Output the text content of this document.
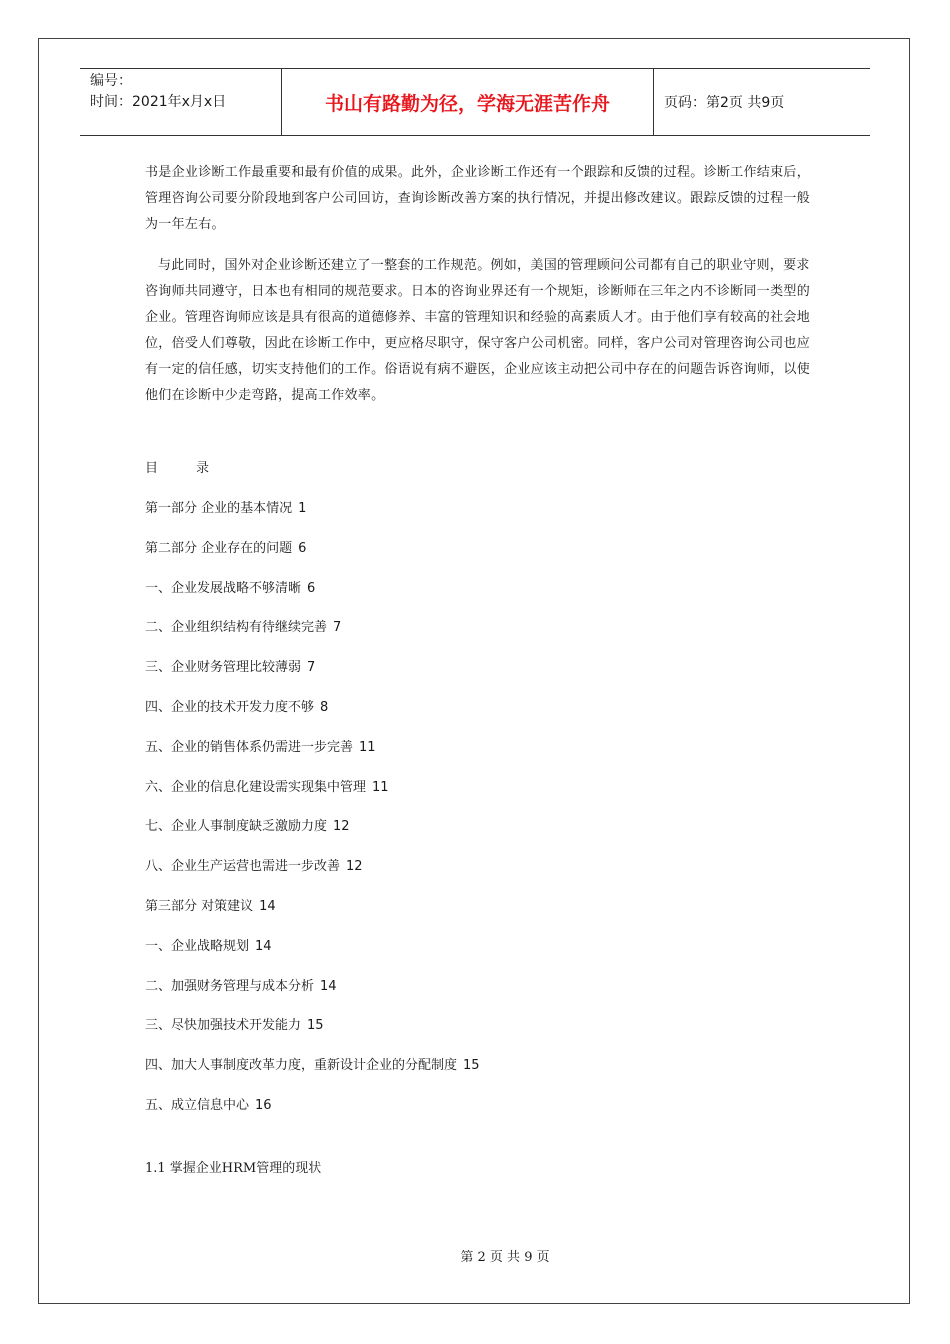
编号：
时间：2021年x月x日	书山有路勤为径，学海无涯苦作舟	页码：第2页 共9页

书是企业诊断工作最重要和最有价值的成果。此外，企业诊断工作还有一个跟踪和反馈的过程。诊断工作结束后，管理咨询公司要分阶段地到客户公司回访，查询诊断改善方案的执行情况，并提出修改建议。跟踪反馈的过程一般为一年左右。

与此同时，国外对企业诊断还建立了一整套的工作规范。例如，美国的管理顾问公司都有自己的职业守则，要求咨询师共同遵守，日本也有相同的规范要求。日本的咨询业界还有一个规矩，诊断师在三年之内不诊断同一类型的企业。管理咨询师应该是具有很高的道德修养、丰富的管理知识和经验的高素质人才。由于他们享有较高的社会地位，倍受人们尊敬，因此在诊断工作中，更应格尽职守，保守客户公司机密。同样，客户公司对管理咨询公司也应有一定的信任感，切实支持他们的工作。俗语说有病不避医，企业应该主动把公司中存在的问题告诉咨询师，以使他们在诊断中少走弯路，提高工作效率。

目	录
第一部分 企业的基本情况 1
第二部分 企业存在的问题 6
一、企业发展战略不够清晰 6
二、企业组织结构有待继续完善 7
三、企业财务管理比较薄弱 7
四、企业的技术开发力度不够 8
五、企业的销售体系仍需进一步完善 11
六、企业的信息化建设需实现集中管理 11
七、企业人事制度缺乏激励力度 12
八、企业生产运营也需进一步改善 12
第三部分 对策建议 14
一、企业战略规划 14
二、加强财务管理与成本分析 14
三、尽快加强技术开发能力 15
四、加大人事制度改革力度，重新设计企业的分配制度 15
五、成立信息中心 16
1.1 掌握企业HRM管理的现状
第 2 页 共 9 页
